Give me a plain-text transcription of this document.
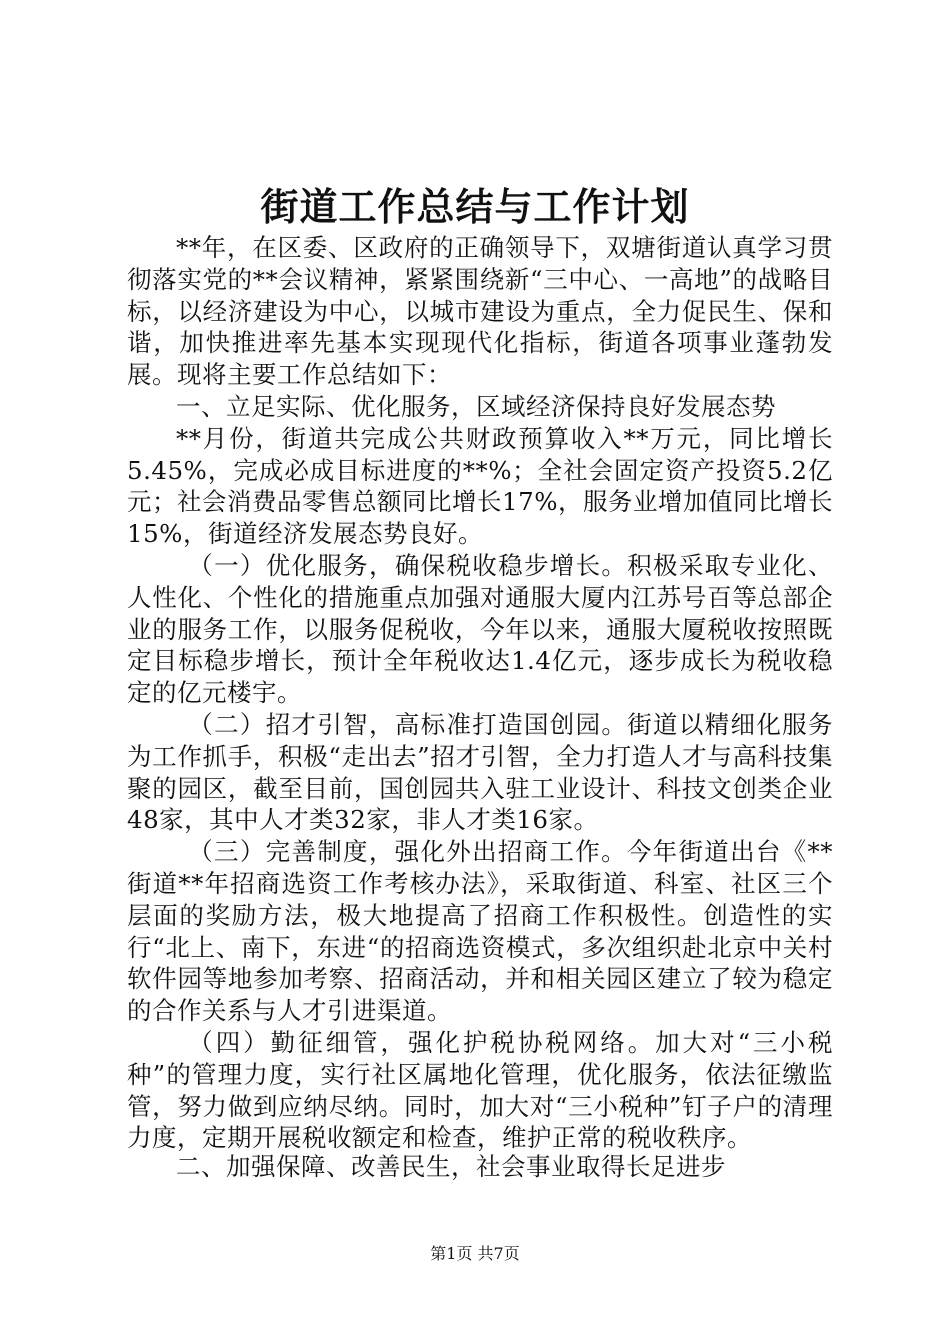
街道工作总结与工作计划

**年，在区委、区政府的正确领导下，双塘街道认真学习贯彻落实党的**会议精神，紧紧围绕新“三中心、一高地”的战略目标，以经济建设为中心，以城市建设为重点，全力促民生、保和谐，加快推进率先基本实现现代化指标，街道各项事业蓬勃发展。现将主要工作总结如下：

一、立足实际、优化服务，区域经济保持良好发展态势

**月份，街道共完成公共财政预算收入**万元，同比增长5.45%，完成必成目标进度的**%；全社会固定资产投资5.2亿元；社会消费品零售总额同比增长17%，服务业增加值同比增长15%，街道经济发展态势良好。

（一）优化服务，确保税收稳步增长。积极采取专业化、人性化、个性化的措施重点加强对通服大厦内江苏号百等总部企业的服务工作，以服务促税收，今年以来，通服大厦税收按照既定目标稳步增长，预计全年税收达1.4亿元，逐步成长为税收稳定的亿元楼宇。

（二）招才引智，高标准打造国创园。街道以精细化服务为工作抓手，积极“走出去”招才引智，全力打造人才与高科技集聚的园区，截至目前，国创园共入驻工业设计、科技文创类企业48家，其中人才类32家，非人才类16家。

（三）完善制度，强化外出招商工作。今年街道出台《**街道**年招商选资工作考核办法》，采取街道、科室、社区三个层面的奖励方法，极大地提高了招商工作积极性。创造性的实行“北上、南下，东进“的招商选资模式，多次组织赴北京中关村软件园等地参加考察、招商活动，并和相关园区建立了较为稳定的合作关系与人才引进渠道。

（四）勤征细管，强化护税协税网络。加大对“三小税种”的管理力度，实行社区属地化管理，优化服务，依法征缴监管，努力做到应纳尽纳。同时，加大对“三小税种”钉子户的清理力度，定期开展税收额定和检查，维护正常的税收秩序。

二、加强保障、改善民生，社会事业取得长足进步
第1页 共7页
